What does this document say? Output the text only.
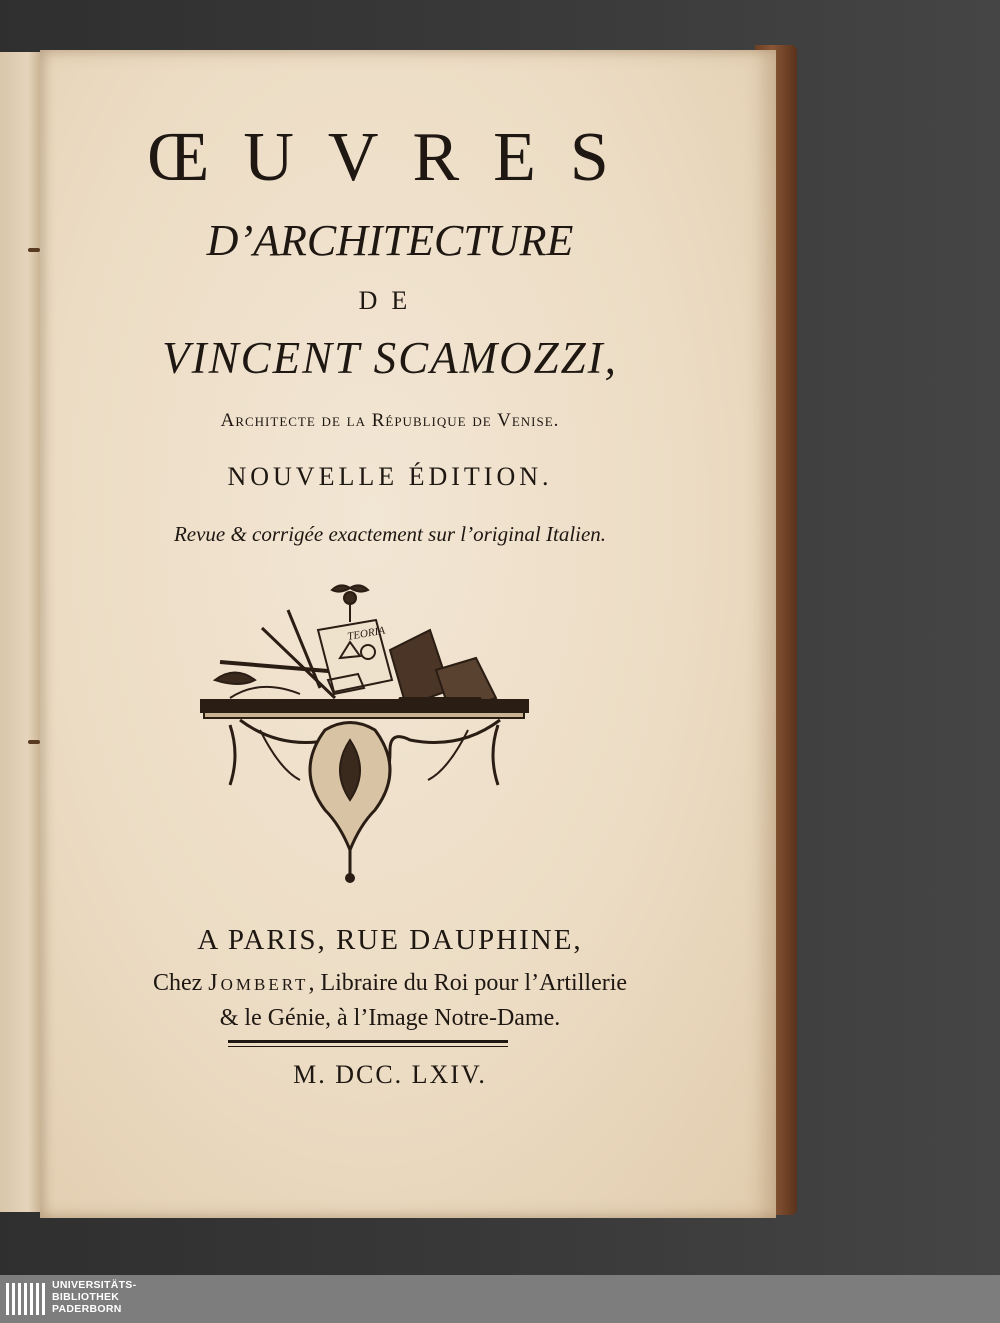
ŒUVRES
D’ARCHITECTURE
DE
VINCENT SCAMOZZI,
Architecte de la République de Venise.
NOUVELLE ÉDITION.
Revue & corrigée exactement sur l’original Italien.
TEORIA
A PARIS, RUE DAUPHINE,
Chez Jombert, Libraire du Roi pour l’Artillerie
& le Génie, à l’Image Notre-Dame.
M. DCC. LXIV.
UNIVERSITÄTS-
BIBLIOTHEK
PADERBORN
